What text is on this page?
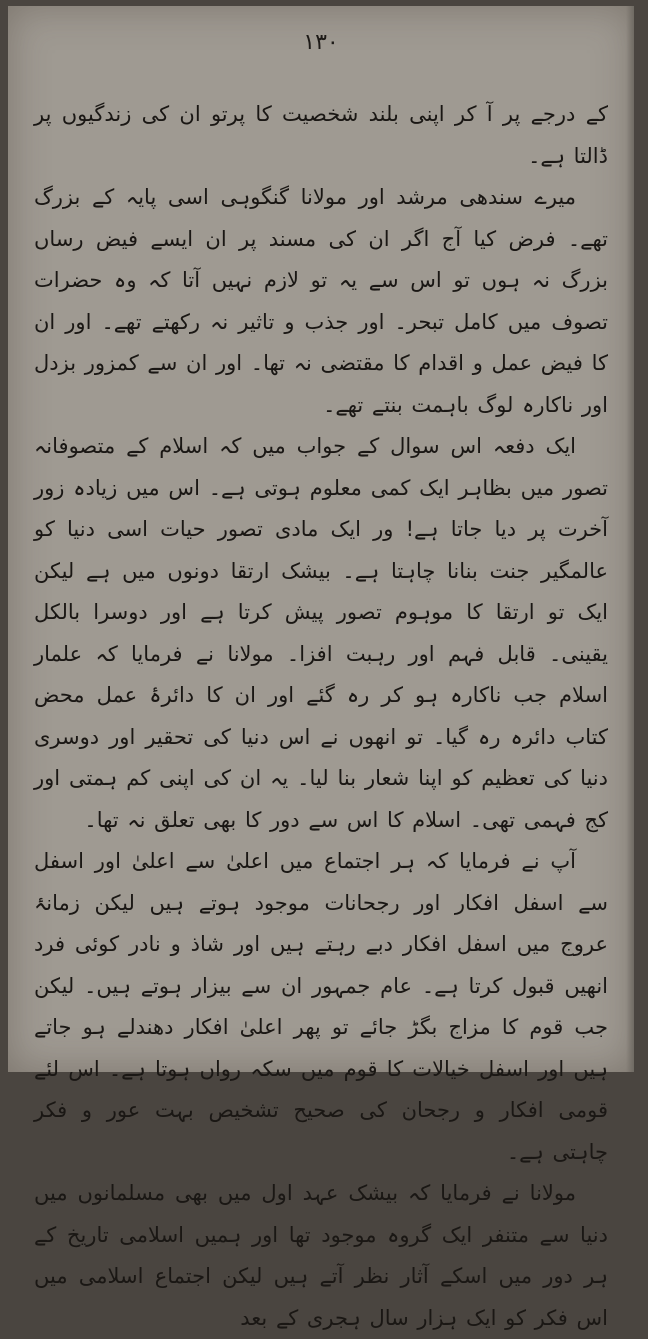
۱۳۰

کے درجے پر آ کر اپنی بلند شخصیت کا پرتو ان کی زندگیوں پر ڈالتا ہے۔

میرے سندھی مرشد اور مولانا گنگوہی اسی پایہ کے بزرگ تھے۔ فرض کیا آج اگر ان کی مسند پر ان ایسے فیض رساں بزرگ نہ ہوں تو اس سے یہ تو لازم نہیں آتا کہ وہ حضرات تصوف میں کامل تبحر۔ اور جذب و تاثیر نہ رکھتے تھے۔ اور ان کا فیض عمل و اقدام کا مقتضی نہ تھا۔ اور ان سے کمزور بزدل اور ناکارہ لوگ باہمت بنتے تھے۔

ایک دفعہ اس سوال کے جواب میں کہ اسلام کے متصوفانہ تصور میں بظاہر ایک کمی معلوم ہوتی ہے۔ اس میں زیادہ زور آخرت پر دیا جاتا ہے! ور ایک مادی تصور حیات اسی دنیا کو عالمگیر جنت بنانا چاہتا ہے۔ بیشک ارتقا دونوں میں ہے لیکن ایک تو ارتقا کا موہوم تصور پیش کرتا ہے اور دوسرا بالکل یقینی۔ قابل فہم اور رہبت افزا۔ مولانا نے فرمایا کہ علمار اسلام جب ناکارہ ہو کر رہ گئے اور ان کا دائرۂ عمل محض کتاب دائرہ رہ گیا۔ تو انھوں نے اس دنیا کی تحقیر اور دوسری دنیا کی تعظیم کو اپنا شعار بنا لیا۔ یہ ان کی اپنی کم ہمتی اور کج فہمی تھی۔ اسلام کا اس سے دور کا بھی تعلق نہ تھا۔

آپ نے فرمایا کہ ہر اجتماع میں اعلیٰ سے اعلیٰ اور اسفل سے اسفل افکار اور رجحانات موجود ہوتے ہیں لیکن زمانۂ عروج میں اسفل افکار دبے رہتے ہیں اور شاذ و نادر کوئی فرد انھیں قبول کرتا ہے۔ عام جمہور ان سے بیزار ہوتے ہیں۔ لیکن جب قوم کا مزاج بگڑ جائے تو پھر اعلیٰ افکار دھندلے ہو جاتے ہیں اور اسفل خیالات کا قوم میں سکہ رواں ہوتا ہے۔ اس لئے قومی افکار و رجحان کی صحیح تشخیص بہت عور و فکر چاہتی ہے۔

مولانا نے فرمایا کہ بیشک عہد اول میں بھی مسلمانوں میں دنیا سے متنفر ایک گروہ موجود تھا اور ہمیں اسلامی تاریخ کے ہر دور میں اسکے آثار نظر آتے ہیں لیکن اجتماع اسلامی میں اس فکر کو ایک ہزار سال ہجری کے بعد
